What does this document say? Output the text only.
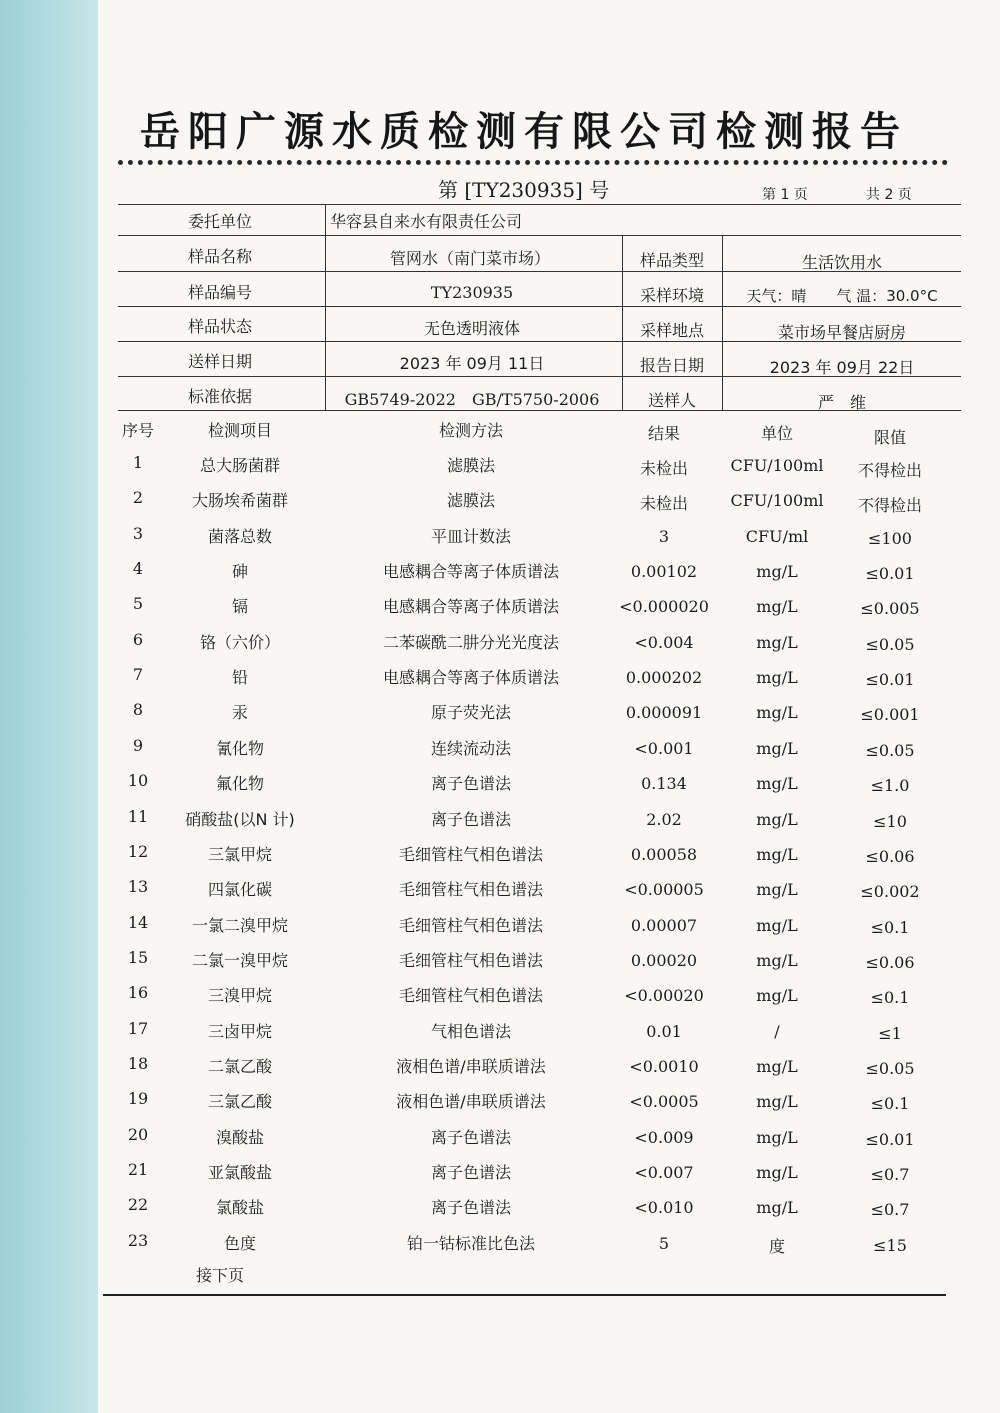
岳阳广源水质检测有限公司检测报告
第 [TY230935] 号	第 1 页	共 2 页
委托单位	华容县自来水有限责任公司
样品名称	管网水（南门菜市场）	样品类型	生活饮用水
样品编号	TY230935	采样环境	天气：晴　　气 温：30.0°C
样品状态	无色透明液体	采样地点	菜市场早餐店厨房
送样日期	2023 年 09月 11日	报告日期	2023 年 09月 22日
标准依据	GB5749-2022　GB/T5750-2006	送样人	严　维
序号	检测项目	检测方法	结果	单位	限值
1	总大肠菌群	滤膜法	未检出	CFU/100ml 不得检出
2	大肠埃希菌群	滤膜法	未检出	CFU/100ml 不得检出
3	菌落总数	平皿计数法	3	CFU/ml	≤100
4	砷	电感耦合等离子体质谱法	0.00102	mg/L	≤0.01
5	镉	电感耦合等离子体质谱法	<0.000020	mg/L	≤0.005
6	铬（六价）	二苯碳酰二肼分光光度法	<0.004	mg/L	≤0.05
7	铅	电感耦合等离子体质谱法	0.000202	mg/L	≤0.01
8	汞	原子荧光法	0.000091	mg/L	≤0.001
9	氰化物	连续流动法	<0.001	mg/L	≤0.05
10	氟化物	离子色谱法	0.134	mg/L	≤1.0
11 硝酸盐(以N 计)	离子色谱法	2.02	mg/L	≤10
12	三氯甲烷	毛细管柱气相色谱法	0.00058	mg/L	≤0.06
13	四氯化碳	毛细管柱气相色谱法	<0.00005	mg/L	≤0.002
14	一氯二溴甲烷	毛细管柱气相色谱法	0.00007	mg/L	≤0.1
15	二氯一溴甲烷	毛细管柱气相色谱法	0.00020	mg/L	≤0.06
16	三溴甲烷	毛细管柱气相色谱法	<0.00020	mg/L	≤0.1
17	三卤甲烷	气相色谱法	0.01	/	≤1
18	二氯乙酸	液相色谱/串联质谱法	<0.0010	mg/L	≤0.05
19	三氯乙酸	液相色谱/串联质谱法	<0.0005	mg/L	≤0.1
20	溴酸盐	离子色谱法	<0.009	mg/L	≤0.01
21	亚氯酸盐	离子色谱法	<0.007	mg/L	≤0.7
22	氯酸盐	离子色谱法	<0.010	mg/L	≤0.7
23	色度	铂一钴标准比色法	5	度	≤15
接下页
